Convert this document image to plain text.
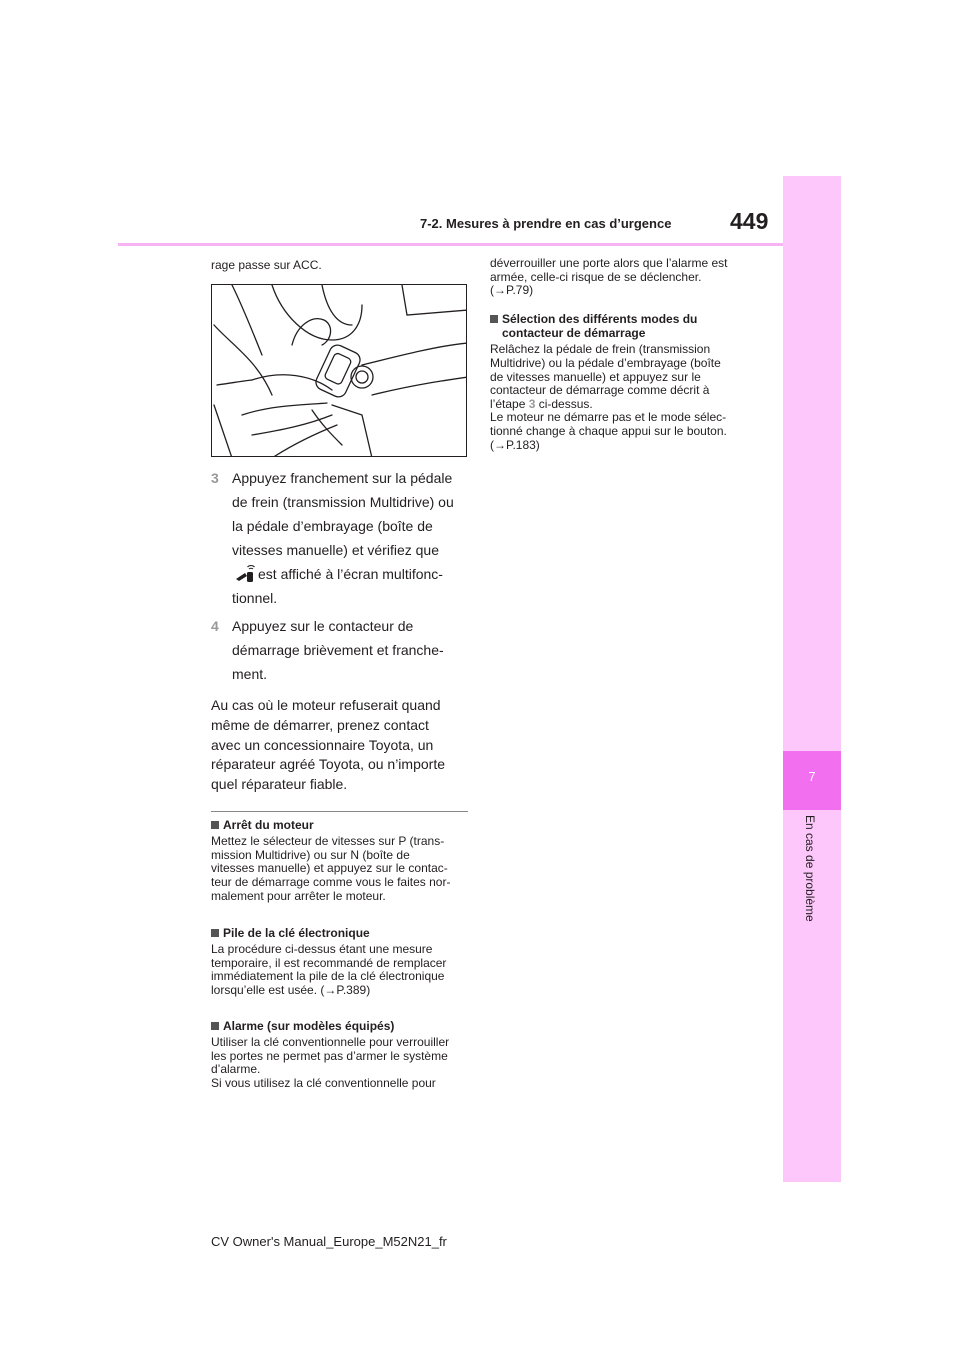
7-2. Mesures à prendre en cas d’urgence	449
7
En cas de problème
rage passe sur ACC.
3 Appuyez franchement sur la pédale
de frein (transmission Multidrive) ou
la pédale d’embrayage (boîte de
vitesses manuelle) et vérifiez que
est affiché à l’écran multifonc-
tionnel.
4 Appuyez sur le contacteur de
démarrage brièvement et franche-
ment.
Au cas où le moteur refuserait quand
même de démarrer, prenez contact
avec un concessionnaire Toyota, un
réparateur agréé Toyota, ou n’importe
quel réparateur fiable.
Arrêt du moteur
Mettez le sélecteur de vitesses sur P (trans-
mission Multidrive) ou sur N (boîte de
vitesses manuelle) et appuyez sur le contac-
teur de démarrage comme vous le faites nor-
malement pour arrêter le moteur.
Pile de la clé électronique
La procédure ci-dessus étant une mesure
temporaire, il est recommandé de remplacer
immédiatement la pile de la clé électronique
lorsqu’elle est usée. (→P.389)
Alarme (sur modèles équipés)
Utiliser la clé conventionnelle pour verrouiller
les portes ne permet pas d’armer le système
d’alarme.
Si vous utilisez la clé conventionnelle pour
déverrouiller une porte alors que l’alarme est
armée, celle-ci risque de se déclencher.
(→P.79)
Sélection des différents modes du
contacteur de démarrage
Relâchez la pédale de frein (transmission
Multidrive) ou la pédale d’embrayage (boîte
de vitesses manuelle) et appuyez sur le
contacteur de démarrage comme décrit à
l’étape 3 ci-dessus.
Le moteur ne démarre pas et le mode sélec-
tionné change à chaque appui sur le bouton.
(→P.183)
CV Owner's Manual_Europe_M52N21_fr
